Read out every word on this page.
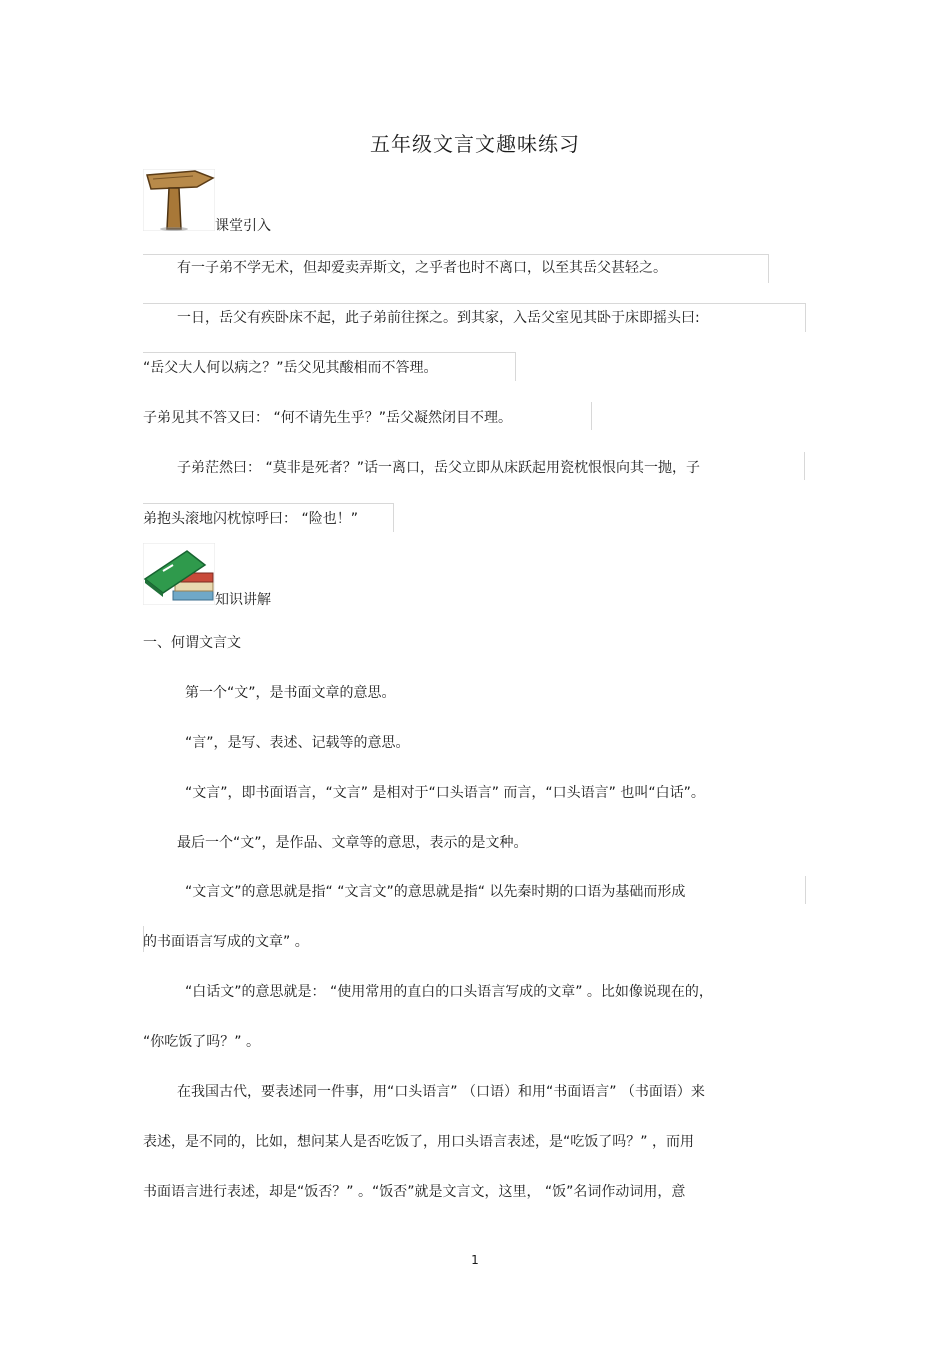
五年级文言文趣味练习
课堂引入
有一子弟不学无术，但却爱卖弄斯文，之乎者也时不离口，以至其岳父甚轻之。
一日，岳父有疾卧床不起，此子弟前往探之。到其家，入岳父室见其卧于床即摇头曰:
“岳父大人何以病之？”岳父见其酸相而不答理。
子弟见其不答又曰： “何不请先生乎？”岳父凝然闭目不理。
子弟茫然曰： “莫非是死者？”话一离口，岳父立即从床跃起用瓷枕恨恨向其一抛，子
弟抱头滚地闪枕惊呼曰： “险也！”
知识讲解
一、何谓文言文
第一个“文”，是书面文章的意思。
“言”，是写、表述、记载等的意思。
“文言”，即书面语言，“文言” 是相对于“口头语言” 而言，“口头语言” 也叫“白话”。
最后一个“文”，是作品、文章等的意思，表示的是文种。
“文言文”的意思就是指“ “文言文”的意思就是指“ 以先秦时期的口语为基础而形成
的书面语言写成的文章” 。
“白话文”的意思就是： “使用常用的直白的口头语言写成的文章” 。比如像说现在的，
“你吃饭了吗？” 。
在我国古代，要表述同一件事，用“口头语言” （口语）和用“书面语言” （书面语）来
表述，是不同的，比如，想问某人是否吃饭了，用口头语言表述，是“吃饭了吗？” ，而用
书面语言进行表述，却是“饭否？” 。“饭否”就是文言文，这里， “饭”名词作动词用，意
1
